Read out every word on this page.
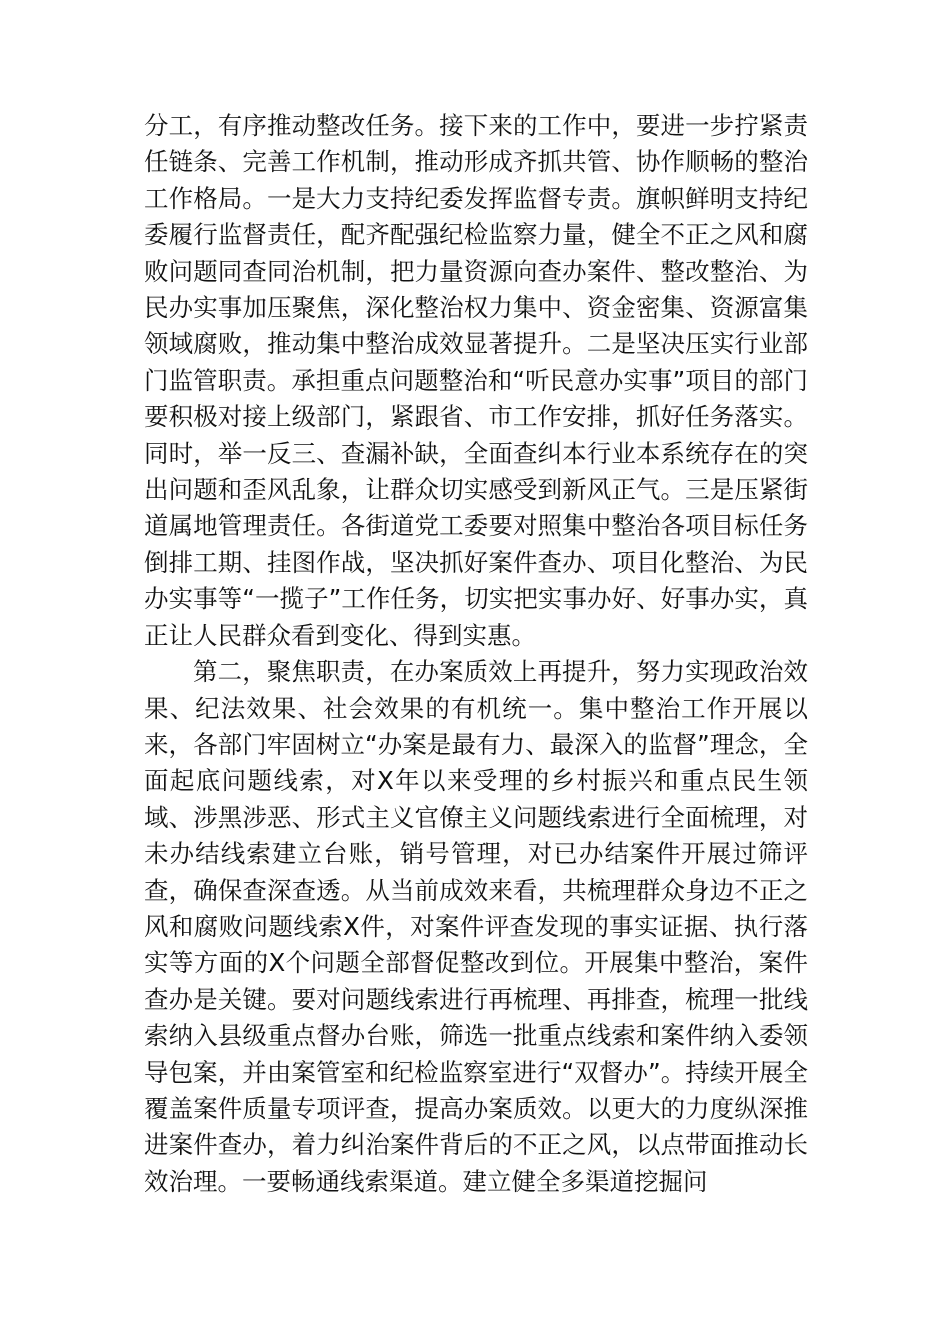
分工，有序推动整改任务。接下来的工作中，要进一步拧紧责任链条、完善工作机制，推动形成齐抓共管、协作顺畅的整治工作格局。一是大力支持纪委发挥监督专责。旗帜鲜明支持纪委履行监督责任，配齐配强纪检监察力量，健全不正之风和腐败问题同查同治机制，把力量资源向查办案件、整改整治、为民办实事加压聚焦，深化整治权力集中、资金密集、资源富集领域腐败，推动集中整治成效显著提升。二是坚决压实行业部门监管职责。承担重点问题整治和“听民意办实事”项目的部门要积极对接上级部门，紧跟省、市工作安排，抓好任务落实。同时，举一反三、查漏补缺，全面查纠本行业本系统存在的突出问题和歪风乱象，让群众切实感受到新风正气。三是压紧街道属地管理责任。各街道党工委要对照集中整治各项目标任务倒排工期、挂图作战，坚决抓好案件查办、项目化整治、为民办实事等“一揽子”工作任务，切实把实事办好、好事办实，真正让人民群众看到变化、得到实惠。

第二，聚焦职责，在办案质效上再提升，努力实现政治效果、纪法效果、社会效果的有机统一。集中整治工作开展以来，各部门牢固树立“办案是最有力、最深入的监督”理念，全面起底问题线索，对X年以来受理的乡村振兴和重点民生领域、涉黑涉恶、形式主义官僚主义问题线索进行全面梳理，对未办结线索建立台账，销号管理，对已办结案件开展过筛评查，确保查深查透。从当前成效来看，共梳理群众身边不正之风和腐败问题线索X件，对案件评查发现的事实证据、执行落实等方面的X个问题全部督促整改到位。开展集中整治，案件查办是关键。要对问题线索进行再梳理、再排查，梳理一批线索纳入县级重点督办台账，筛选一批重点线索和案件纳入委领导包案，并由案管室和纪检监察室进行“双督办”。持续开展全覆盖案件质量专项评查，提高办案质效。以更大的力度纵深推进案件查办，着力纠治案件背后的不正之风，以点带面推动长效治理。一要畅通线索渠道。建立健全多渠道挖掘问
